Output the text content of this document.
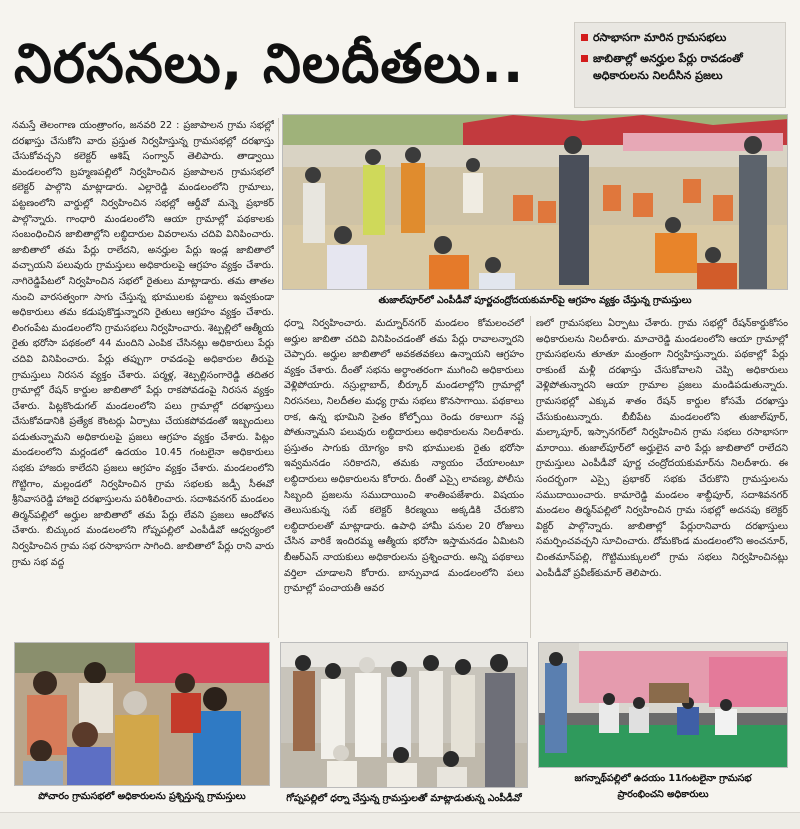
నిరసనలు, నిలదీతలు..	రసాభాసగా మారిన గ్రామసభలు
జాబితాల్లో అనర్హుల పేర్లు రావడంతో అధికారులను నిలదీసిన ప్రజలు

నమస్తే తెలంగాణ యంత్రాంగం, జనవరి 22 : ప్రజాపాలన గ్రామ సభల్లో దరఖాస్తు చేసుకోని వారు ప్రస్తుత నిర్వహిస్తున్న గ్రామసభల్లో దరఖాస్తు చేసుకోవచ్చని కలెక్టర్ ఆశిష్ సంగ్వాన్ తెలిపారు. తాడ్వాయి మండలంలోని బ్రహ్మణపల్లిలో నిర్వహించిన ప్రజాపాలన గ్రామసభలో కలెక్టర్ పాల్గొని మాట్లాడారు. ఎల్లారెడ్డి మండలంలోని గ్రామాలు, పట్టణంలోని వార్డుల్లో నిర్వహించిన సభల్లో ఆర్డీవో మన్నె ప్రభాకర్ పాల్గొన్నారు. గాంధారి మండలంలోని ఆయా గ్రామాల్లో పథకాలకు సంబంధించిన జాబితాల్లోని లబ్ధిదారుల వివరాలను చదివి వినిపించారు. జాబితాలో తమ పేర్లు రాలేదని, అనర్హుల పేర్లు ఇండ్ల జాబితాలో వచ్చాయని పలువురు గ్రామస్తులు అధికారులపై ఆగ్రహం వ్యక్తం చేశారు. నాగిరెడ్డిపేటలో నిర్వహించిన సభలో రైతులు మాట్లాడారు. తమ తాతల నుంచి వారసత్వంగా సాగు చేస్తున్న భూములకు పట్టాలు ఇవ్వకుండా అధికారులు తమ కడుపుకొడ్తున్నారని రైతులు ఆగ్రహం వ్యక్తం చేశారు. లింగంపేట మండలంలోని గ్రామసభలు నిర్వహించారు. శెట్పల్లిలో ఆత్మీయ రైతు భరోసా పథకంలో 44 మందిని ఎంపిక చేసినట్లు అధికారులు పేర్లు చదివి వినిపించారు. పేర్లు తప్పుగా రావడంపై అధికారుల తీరుపై గ్రామస్తులు నిరసన వ్యక్తం చేశారు. పర్మళ్ల, శెట్పల్లిసంగారెడ్డి తదితర గ్రామాల్లో రేషన్ కార్డుల జాబితాలో పేర్లు రాకపోవడంపై నిరసన వ్యక్తం చేశారు. పిట్లకొండుగల్ మండలంలోని పలు గ్రామాల్లో దరఖాస్తులు చేసుకోవడానికి ప్రత్యేక కౌంటర్లు ఏర్పాటు చేయకపోవడంతో ఇబ్బందులు పడుతున్నామని అధికారులపై ప్రజలు ఆగ్రహం వ్యక్తం చేశారు. పిట్లం మండలంలోని మర్లండలో ఉదయం 10.45 గంటలైనా అధికారులు సభకు హాజరు కాలేదని ప్రజలు ఆగ్రహం వ్యక్తం చేశారు. మండలంలోని గొట్టిగాం, మల్లండలో నిర్వహించిన గ్రామ సభలకు జడ్పీ సీఈవో శ్రీనివాసరెడ్డి హాజరై దరఖాస్తులను పరిశీలించారు. సదాశివనగర్ మండలం తిర్మన్‌పల్లిలో అర్హుల జాబితాలో తమ పేర్లు లేవని ప్రజలు ఆందోళన చేశారు. బిచ్కుంద మండలంలోని గోప్నపల్లిలో ఎంపీడీవో ఆధ్వర్యంలో నిర్వహించిన గ్రామ సభ రసాభాసగా సాగింది. జాబితాలో పేర్లు రాని వారు గ్రామ సభ వద్ద

తుజాల్‌పూర్‌లో ఎంపీడీవో పూర్ణచంద్రోదయకుమార్‌పై ఆగ్రహం వ్యక్తం చేస్తున్న గ్రామస్తులు

ధర్నా నిర్వహించారు. మద్నూర్‌నగర్ మండలం కోమలంచలో అర్హుల జాబితా చదివి వినిపించడంతో తమ పేర్లు రావాలన్నారని చెప్పారు. అర్హుల జాబితాలో అవకతవకలు ఉన్నాయని ఆగ్రహం వ్యక్తం చేశారు. దీంతో సభను అర్ధాంతరంగా ముగించి అధికారులు వెళ్లిపోయారు. నస్రుల్లాబాద్, బీర్కూర్ మండలాల్లోని గ్రామాల్లో నిరసనలు, నిలదీతల మధ్య గ్రామ సభలు కొనసాగాయి. పథకాలు రాక, ఉన్న భూమిని సైతం కోల్పోయి రెండు రకాలుగా నష్ట పోతున్నామని పలువురు లబ్ధిదారులు అధికారులను నిలదీశారు. ప్రస్తుతం సాగుకు యోగ్యం కాని భూములకు రైతు భరోసా ఇవ్వమనడం సరికాదని, తమకు న్యాయం చేయాలంటూ లబ్ధిదారులు అధికారులను కోరారు. దీంతో ఎస్సై లావణ్య, పోలీసు సిబ్బంది ప్రజలను సముదాయించి శాంతింపజేశారు. విషయం తెలుసుకున్న సబ్ కలెక్టర్ కిరణ్మయి అక్కడికి చేరుకొని లబ్ధిదారులతో మాట్లాడారు. ఉపాధి హామీ పనుల 20 రోజులు చేసిన వారికే ఇందిరమ్మ ఆత్మీయ భరోసా ఇస్తామనడం ఏమిటని బీఆర్‌ఎస్ నాయకులు అధికారులను ప్రశ్నించారు. అన్ని పథకాలు వర్తిలా చూడాలని కోరారు. బాన్సువాడ మండలంలోని పలు గ్రామాల్లో పంచాయతీ ఆవర

ణలో గ్రామసభలు ఏర్పాటు చేశారు. గ్రామ సభల్లో రేషన్‌కార్డుకోసం అధికారులను నిలదీశారు. మాచారెడ్డి మండలంలోని ఆయా గ్రామాల్లో గ్రామసభలను తూతూ మంత్రంగా నిర్వహిస్తున్నారు. పథకాల్లో పేర్లు రాకుంటే మళ్లీ దరఖాస్తు చేసుకోవాలని చెప్పి అధికారులు వెళ్లిపోతున్నారని ఆయా గ్రామాల ప్రజలు మండిపడుతున్నారు. గ్రామసభల్లో ఎక్కువ శాతం రేషన్ కార్డుల కోసమే దరఖాస్తు చేసుకుంటున్నారు. బీబీపేట మండలంలోని తుజాల్‌పూర్, మల్కాపూర్, ఇస్సానగర్‌లో నిర్వహించిన గ్రామ సభలు రసాభాసగా మారాయి. తుజాల్‌పూర్‌లో అర్హులైన వారి పేర్లు జాబితాలో రాలేదని గ్రామస్తులు ఎంపీడీవో పూర్ణ చంద్రోదయకుమార్‌ను నిలదీశారు. ఈ సందర్భంగా ఎస్సై ప్రభాకర్ సభకు చేరుకొని గ్రామస్తులను సముదాయించారు. కామారెడ్డి మండలం శాబ్దీపూర్, సదాశివనగర్ మండలం తిర్మన్‌పల్లిలో నిర్వహించిన గ్రామ సభల్లో అదనపు కలెక్టర్ విక్టర్ పాల్గొన్నారు. జాబితాల్లో పేర్లురానివారు దరఖాస్తులు సమర్పించవచ్చని సూచించారు. దోమకొండ మండలంలోని అంచనూర్, చింతమాన్‌పల్లి, గొట్టిముక్కులలో గ్రామ సభలు నిర్వహించినట్లు ఎంపీడీవో ప్రవీణ్‌కుమార్ తెలిపారు.

పోచారం గ్రామసభలో అధికారులను ప్రశ్నిస్తున్న గ్రామస్తులు	గోప్నపల్లిలో ధర్నా చేస్తున్న గ్రామస్తులతో మాట్లాడుతున్న ఎంపీడీవో
జగన్నాథ్‌పల్లిలో ఉదయం 11గంటలైనా గ్రామసభ
ప్రారంభించని అధికారులు
